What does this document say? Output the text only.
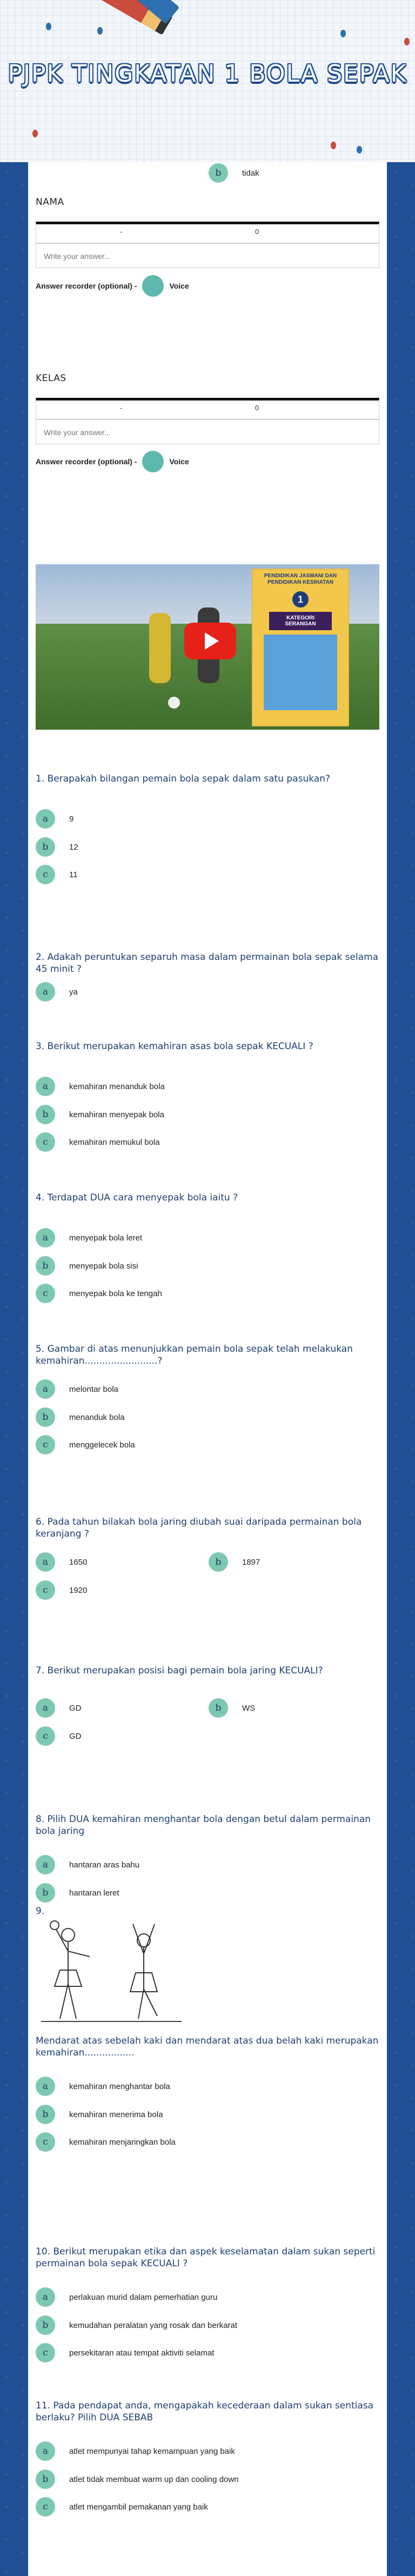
PJPK TINGKATAN 1 BOLA SEPAK
NAMA
-	0
Write your answer...
Answer recorder (optional) -	Voice
KELAS
-	0
Write your answer...
Answer recorder (optional) -	Voice
PENDIDIKAN JASMANI DAN PENDIDIKAN KESIHATAN
1
KATEGORI SERANGAN
1. Berapakah bilangan pemain bola sepak dalam satu pasukan?
a	9
b	12
c	11
2. Adakah peruntukan separuh masa dalam permainan bola sepak selama 45 minit ?
a	ya
b	tidak
3. Berikut merupakan kemahiran asas bola sepak KECUALI ?
a	kemahiran menanduk bola
b	kemahiran menyepak bola
c	kemahiran memukul bola
4. Terdapat DUA cara menyepak bola iaitu ?
a	menyepak bola leret
b	menyepak bola sisi
c	menyepak bola ke tengah
5. Gambar di atas menunjukkan pemain bola sepak telah melakukan kemahiran.........................?
a	melontar bola
b	menanduk bola
c	menggelecek bola
6. Pada tahun bilakah bola jaring diubah suai daripada permainan bola keranjang ?
a	1650	b	1897
c	1920
7. Berikut merupakan posisi bagi pemain bola jaring KECUALI?
a	GD	b	WS
c	GD
8. Pilih DUA kemahiran menghantar bola dengan betul dalam permainan bola jaring
a	hantaran aras bahu
b	hantaran leret
9.
Mendarat atas sebelah kaki dan mendarat atas dua belah kaki merupakan kemahiran.................
a	kemahiran menghantar bola
b	kemahiran menerima bola
c	kemahiran menjaringkan bola
10. Berikut merupakan etika dan aspek keselamatan dalam sukan seperti permainan bola sepak KECUALI ?
a	perlakuan murid dalam pemerhatian guru
b	kemudahan peralatan yang rosak dan berkarat
c	persekitaran atau tempat aktiviti selamat
11. Pada pendapat anda, mengapakah kecederaan dalam sukan sentiasa berlaku? Pilih DUA SEBAB
a	atlet mempunyai tahap kemampuan yang baik
b	atlet tidak membuat warm up dan cooling down
c	atlet mengambil pemakanan yang baik
